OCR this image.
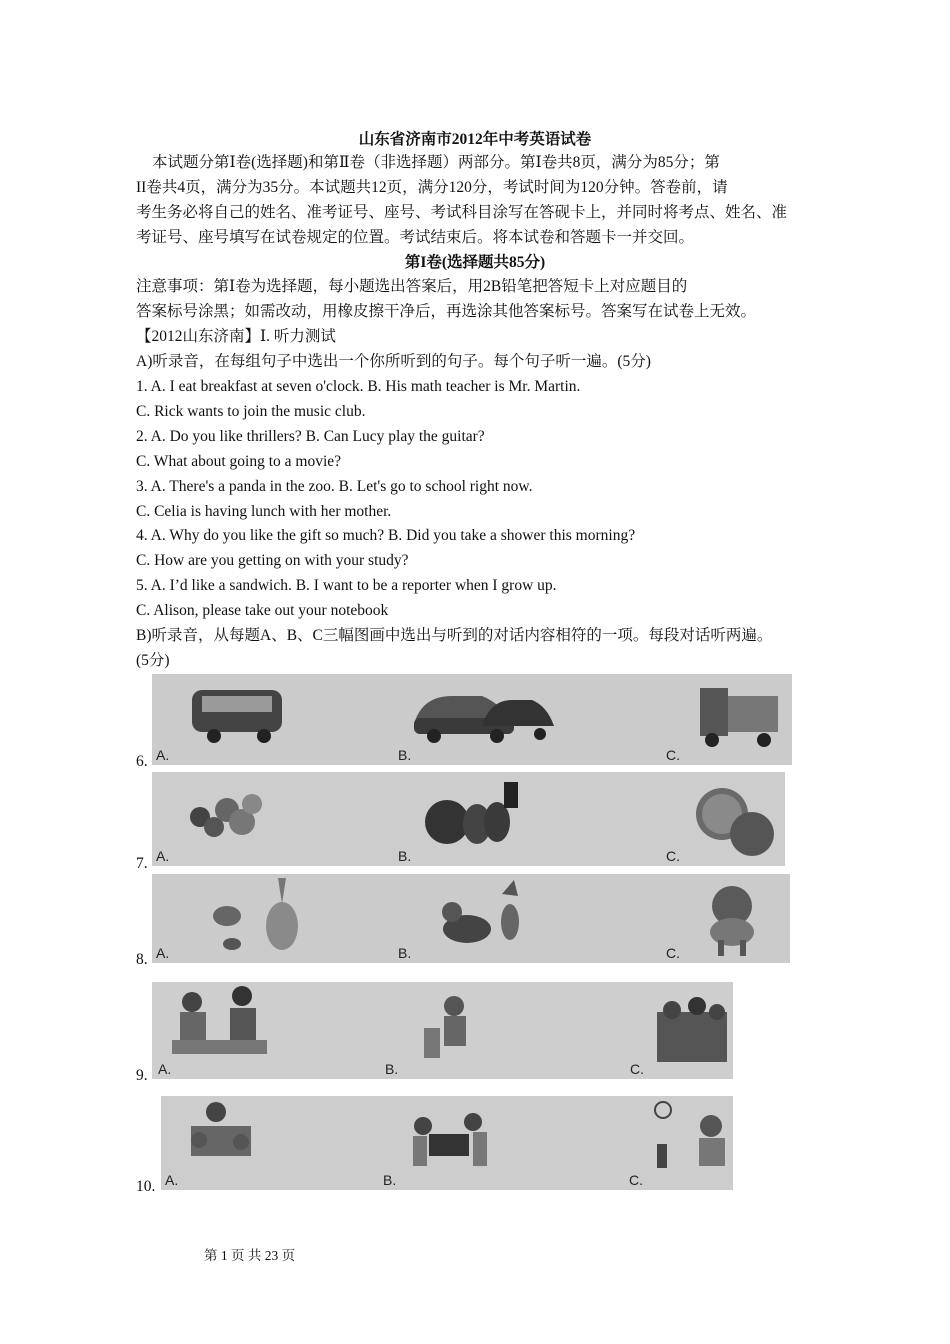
山东省济南市2012年中考英语试卷
本试题分第Ⅰ卷(选择题)和第Ⅱ卷（非选择题）两部分。第Ⅰ卷共8页，满分为85分；第
II卷共4页，满分为35分。本试题共12页，满分120分，考试时间为120分钟。答卷前，请
考生务必将自己的姓名、准考证号、座号、考试科目涂写在答砚卡上，并同时将考点、姓名、准
考证号、座号填写在试卷规定的位置。考试结束后。将本试卷和答题卡一并交回。
第I卷(选择题共85分)
注意事项：第Ⅰ卷为选择题，每小题选出答案后，用2B铅笔把答短卡上对应题目的
答案标号涂黑；如需改动，用橡皮擦干净后，再选涂其他答案标号。答案写在试卷上无效。
【2012山东济南】Ⅰ. 听力测试
A)听录音，在每组句子中选出一个你所听到的句子。每个句子听一遍。(5分)
1. A. I eat breakfast at seven o'clock. B. His math teacher is Mr. Martin.
C. Rick wants to join the music club.
2. A. Do you like thrillers? B. Can Lucy play the guitar?
C. What about going to a movie?
3. A. There's a panda in the zoo. B. Let's go to school right now.
C. Celia is having lunch with her mother.
4. A. Why do you like the gift so much? B. Did you take a shower this morning?
C. How are you getting on with your study?
5. A. I’d like a sandwich. B. I want to be a reporter when I grow up.
C. Alison, please take out your notebook
B)听录音，从每题A、B、C三幅图画中选出与听到的对话内容相符的一项。每段对话听两遍。
(5分)
6. A.	B.	C.
7. A.	B.	C.
8. A.	B.	C.
9. A.	B.	C.
10. A.	B.	C.
第 1 页 共 23 页
